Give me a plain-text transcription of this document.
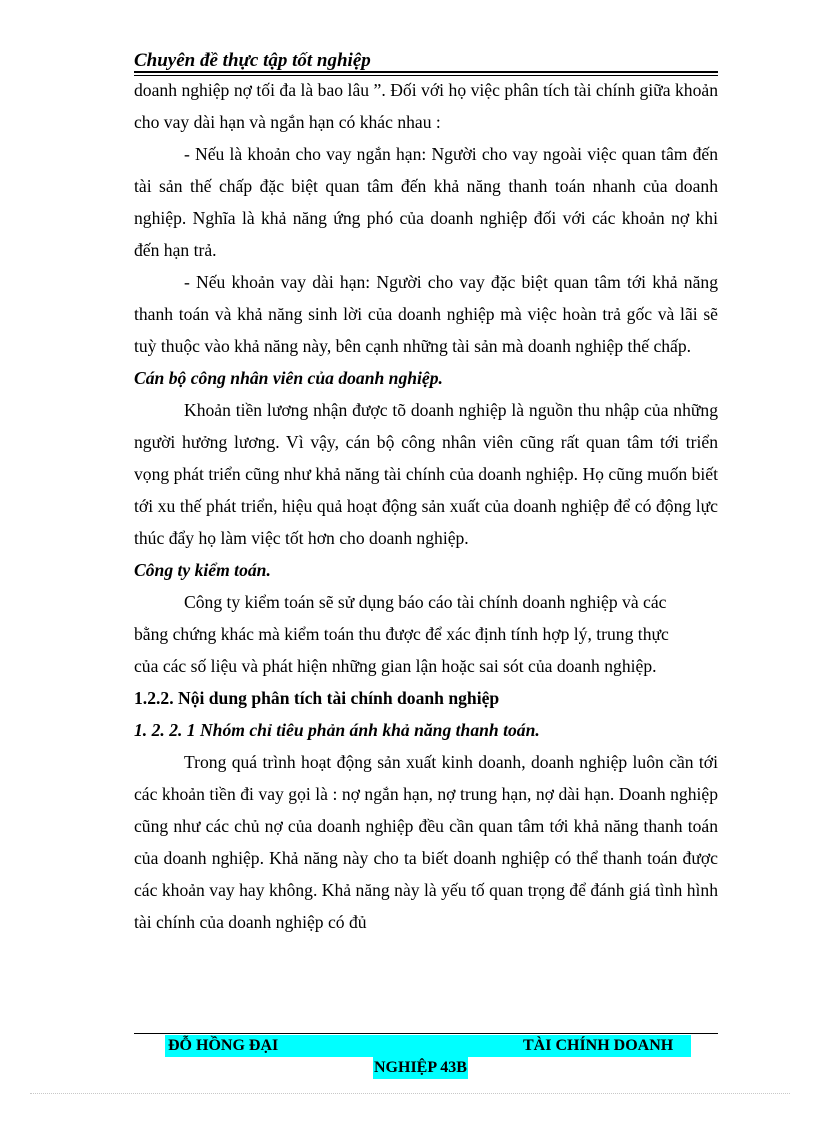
Chuyên đề thực tập tốt nghiệp

doanh nghiệp nợ tối đa là bao lâu ”. Đối với họ việc phân tích tài chính giữa khoản cho vay dài hạn và ngắn hạn có khác nhau :

- Nếu là khoản cho vay ngắn hạn: Người cho vay ngoài việc quan tâm đến tài sản thế chấp đặc biệt quan tâm đến khả năng thanh toán nhanh của doanh nghiệp. Nghĩa là khả năng ứng phó của doanh nghiệp đối với các khoản nợ khi đến hạn trả.

- Nếu khoản vay dài hạn: Người cho vay đặc biệt quan tâm tới khả năng thanh toán và khả năng sinh lời của doanh nghiệp mà việc hoàn trả gốc và lãi sẽ tuỳ thuộc vào khả năng này, bên cạnh những tài sản mà doanh nghiệp thế chấp.

Cán bộ công nhân viên của doanh nghiệp.

Khoản tiền lương nhận được tõ doanh nghiệp là nguồn thu nhập của những người hưởng lương. Vì vậy, cán bộ công nhân viên cũng rất quan tâm tới triển vọng phát triển cũng như khả năng tài chính của doanh nghiệp. Họ cũng muốn biết tới xu thế phát triển, hiệu quả hoạt động sản xuất của doanh nghiệp để có động lực thúc đẩy họ làm việc tốt hơn cho doanh nghiệp.

Công ty kiểm toán.

Công ty kiểm toán sẽ sử dụng báo cáo tài chính doanh nghiệp và các bằng chứng khác mà kiểm toán thu được để xác định tính hợp lý, trung thực của các số liệu và phát hiện những gian lận hoặc sai sót của doanh nghiệp.

1.2.2. Nội dung phân tích tài chính doanh nghiệp

1. 2. 2. 1 Nhóm chỉ tiêu phản ánh khả năng thanh toán.

Trong quá trình hoạt động sản xuất kinh doanh, doanh nghiệp luôn cần tới các khoản tiền đi vay gọi là : nợ ngắn hạn, nợ trung hạn, nợ dài hạn. Doanh nghiệp cũng như các chủ nợ của doanh nghiệp đều cần quan tâm tới khả năng thanh toán của doanh nghiệp. Khả năng này cho ta biết doanh nghiệp có thể thanh toán được các khoản vay hay không. Khả năng này là yếu tố quan trọng để đánh giá tình hình tài chính của doanh nghiệp có đủ

ĐỖ HỒNG ĐẠI	TÀI CHÍNH DOANH
NGHIỆP 43B
